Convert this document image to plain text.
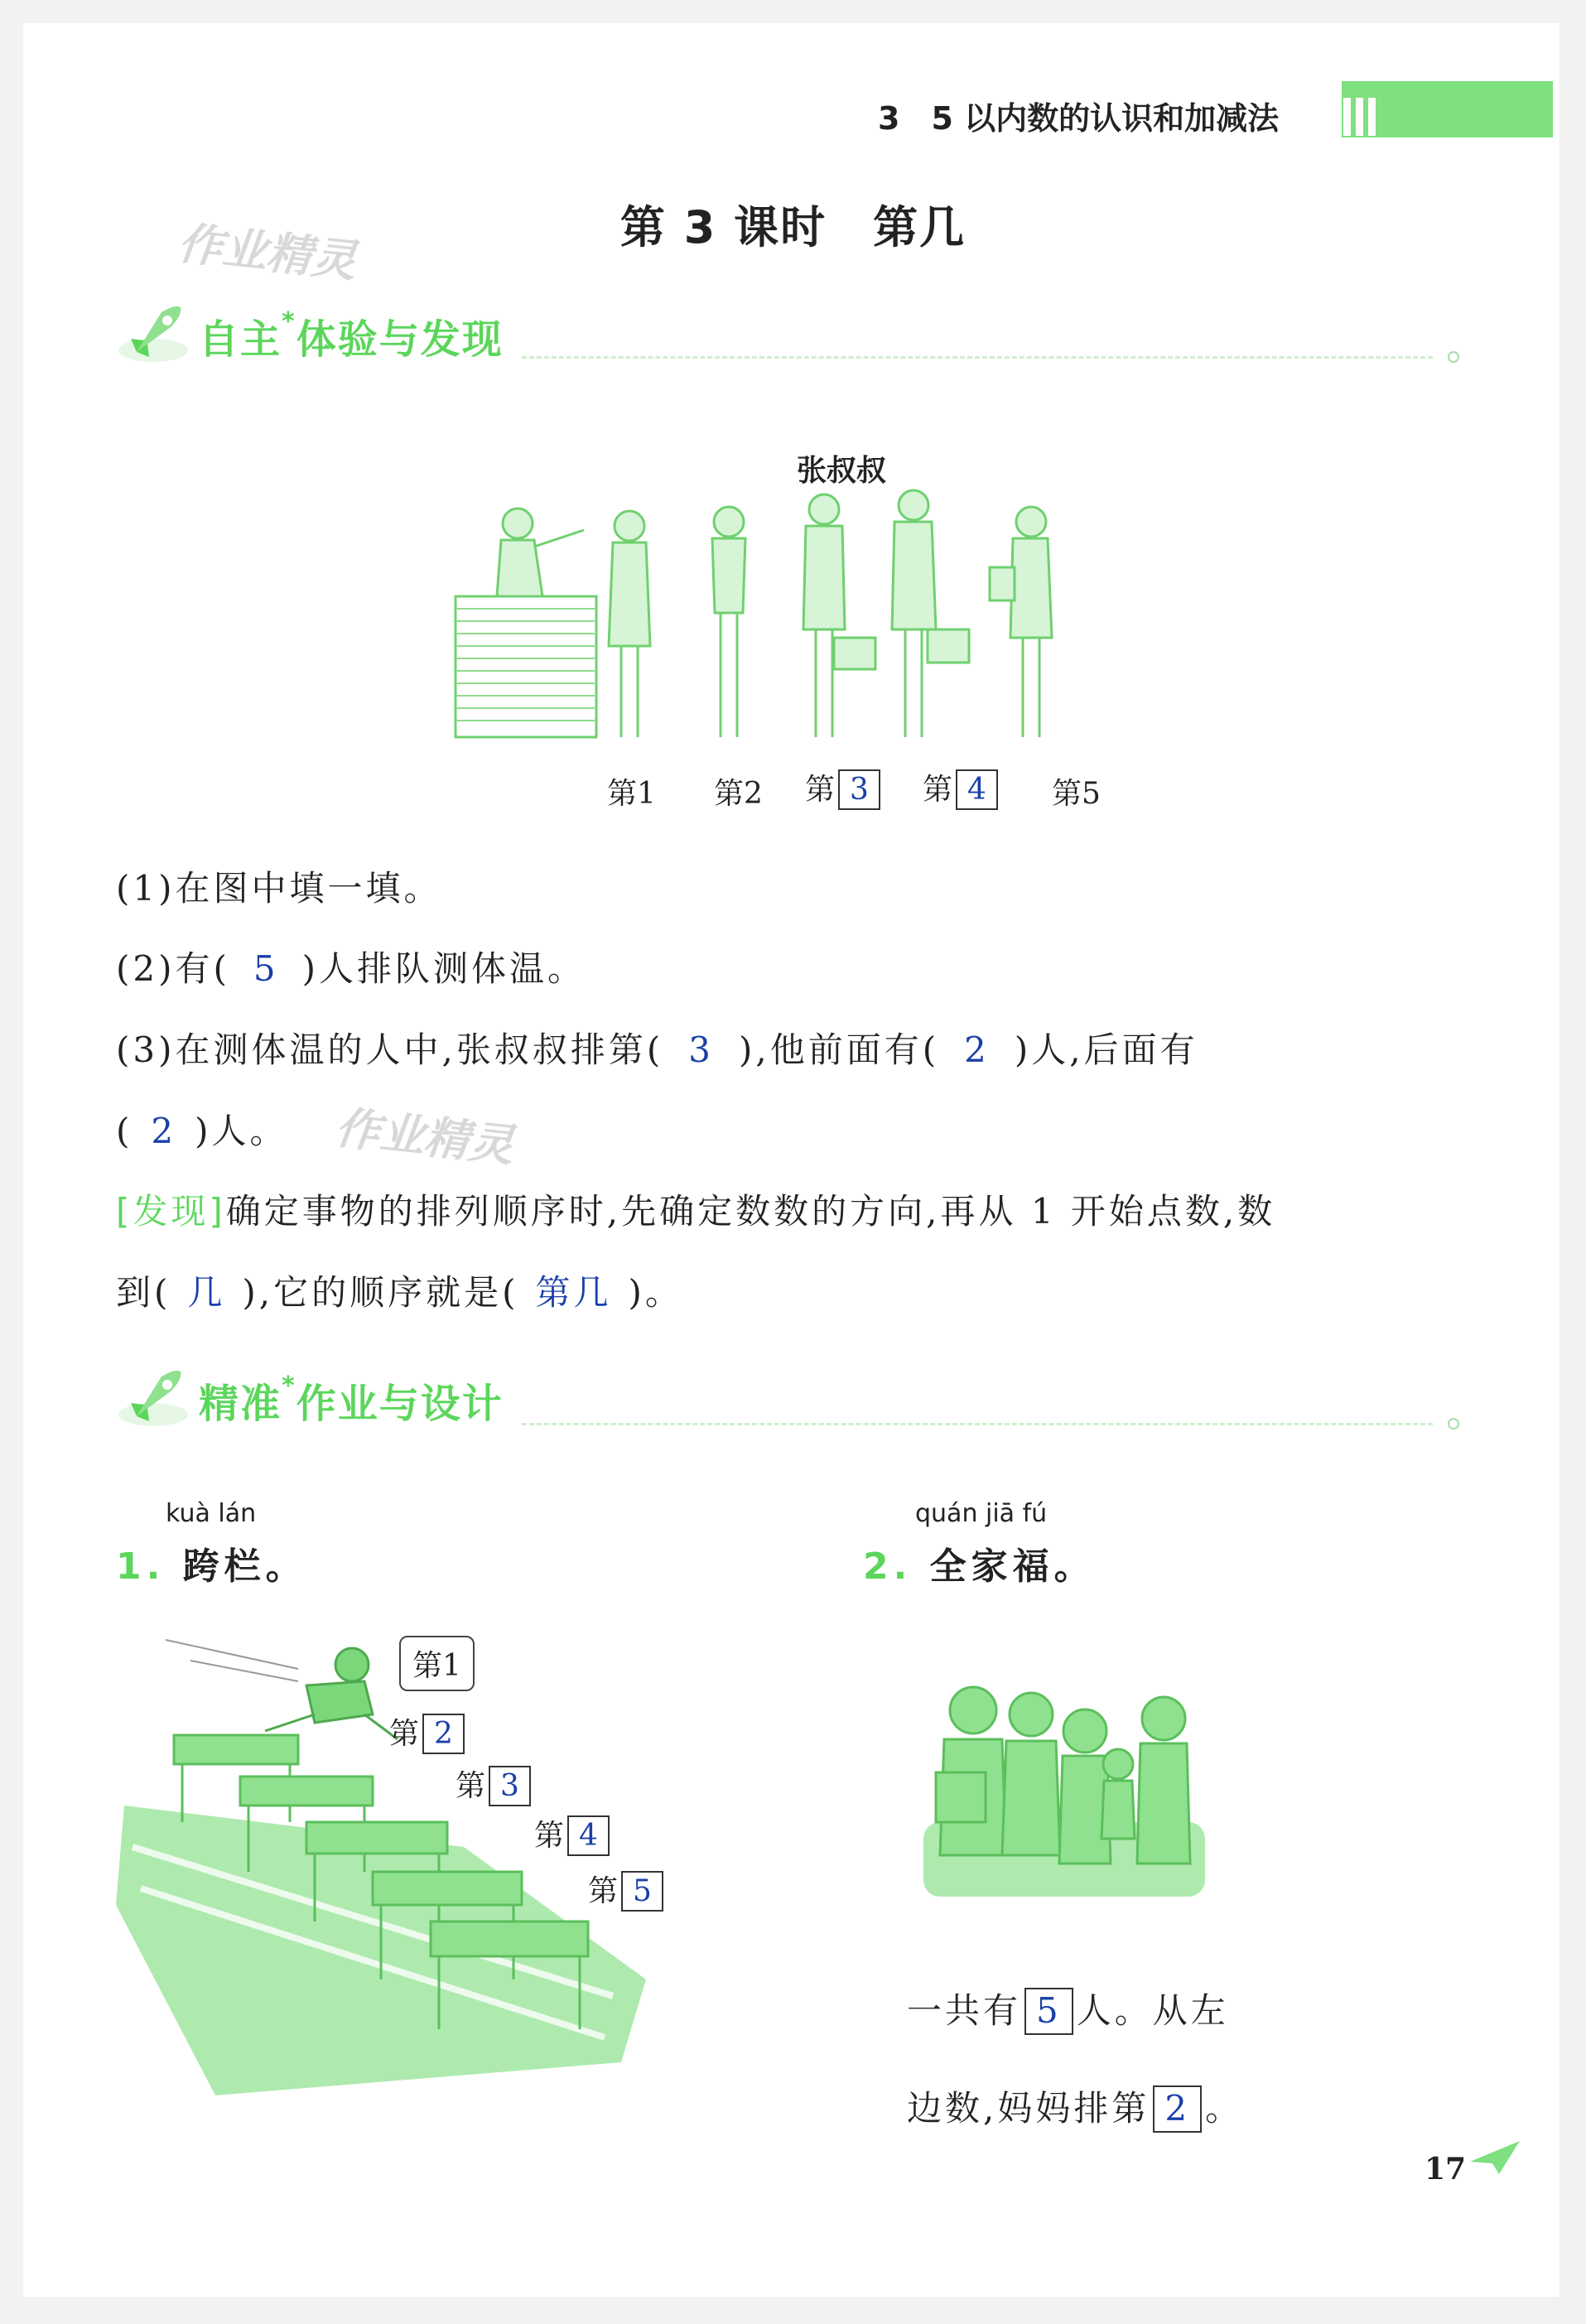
3　5 以内数的认识和加减法
作业精灵	第 3 课时　第几
自主*体验与发现
张叔叔
第1 第2 第 3	第 4	第5
(1)在图中填一填。
(2)有( 5 )人排队测体温。
(3)在测体温的人中,张叔叔排第( 3 ),他前面有( 2 )人,后面有
( 2 )人。 作业精灵
[发现]确定事物的排列顺序时,先确定数数的方向,再从 1 开始点数,数
到( 几 ),它的顺序就是( 第几 )。
精准*作业与设计
kuà lán
1. 跨栏。
第1
第 2
第 3
第 4
第 5
quán jiā fú
2. 全家福。
一共有 5 人。从左
边数,妈妈排第 2 。
17
